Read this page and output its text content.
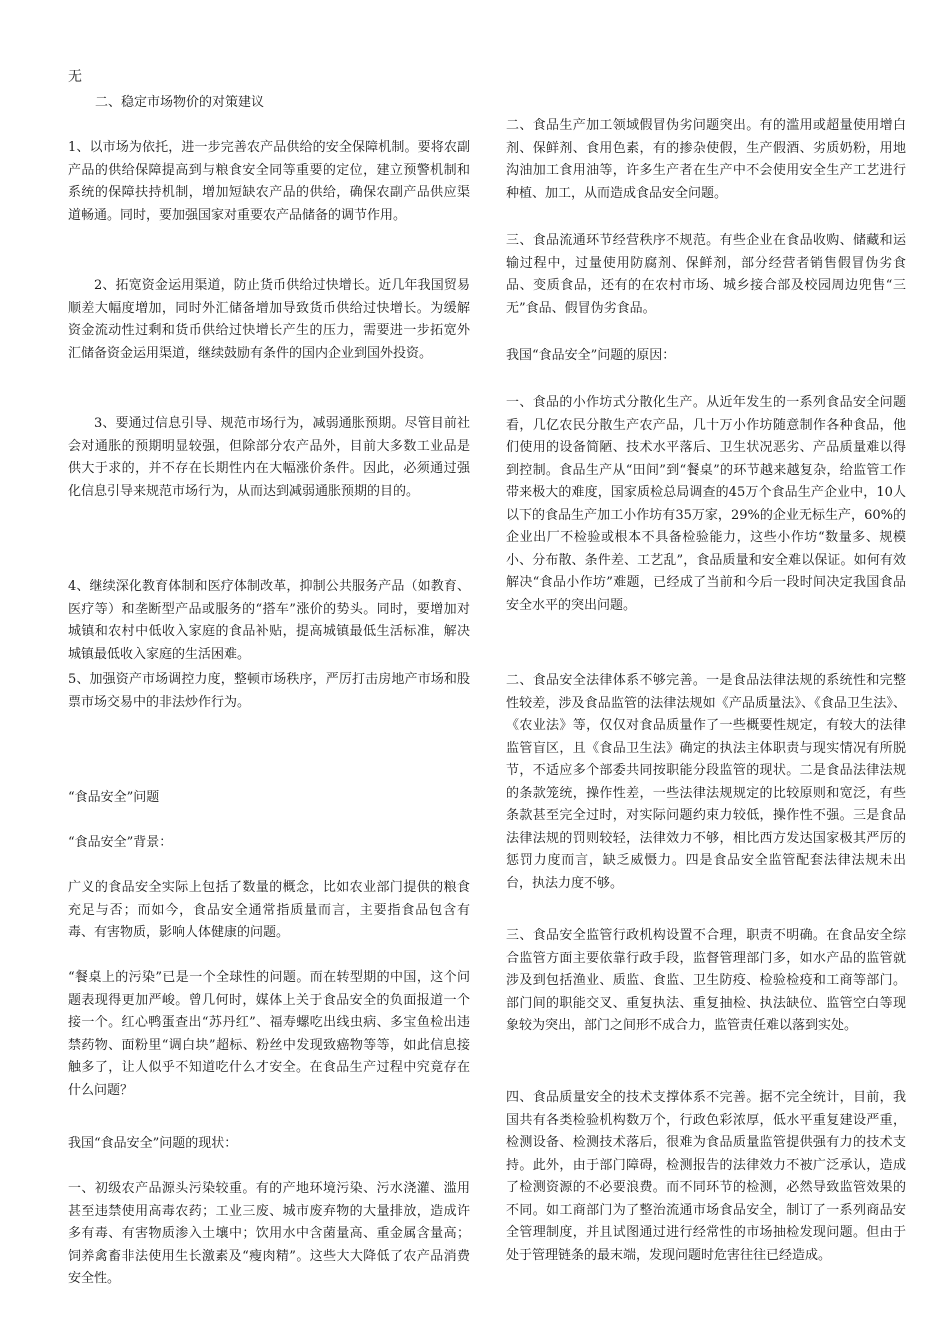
无

二、稳定市场物价的对策建议

1、以市场为依托，进一步完善农产品供给的安全保障机制。要将农副产品的供给保障提高到与粮食安全同等重要的定位，建立预警机制和系统的保障扶持机制，增加短缺农产品的供给，确保农副产品供应渠道畅通。同时，要加强国家对重要农产品储备的调节作用。

2、拓宽资金运用渠道，防止货币供给过快增长。近几年我国贸易顺差大幅度增加，同时外汇储备增加导致货币供给过快增长。为缓解资金流动性过剩和货币供给过快增长产生的压力，需要进一步拓宽外汇储备资金运用渠道，继续鼓励有条件的国内企业到国外投资。

3、要通过信息引导、规范市场行为，减弱通胀预期。尽管目前社会对通胀的预期明显较强，但除部分农产品外，目前大多数工业品是供大于求的，并不存在长期性内在大幅涨价条件。因此，必须通过强化信息引导来规范市场行为，从而达到减弱通胀预期的目的。

4、继续深化教育体制和医疗体制改革，抑制公共服务产品（如教育、医疗等）和垄断型产品或服务的“搭车”涨价的势头。同时，要增加对城镇和农村中低收入家庭的食品补贴，提高城镇最低生活标准，解决城镇最低收入家庭的生活困难。

5、加强资产市场调控力度，整顿市场秩序，严厉打击房地产市场和股票市场交易中的非法炒作行为。

“食品安全”问题

“食品安全”背景：

广义的食品安全实际上包括了数量的概念，比如农业部门提供的粮食充足与否；而如今，食品安全通常指质量而言，主要指食品包含有毒、有害物质，影响人体健康的问题。

“餐桌上的污染”已是一个全球性的问题。而在转型期的中国，这个问题表现得更加严峻。曾几何时，媒体上关于食品安全的负面报道一个接一个。红心鸭蛋查出“苏丹红”、福寿螺吃出线虫病、多宝鱼检出违禁药物、面粉里“调白块”超标、粉丝中发现致癌物等等，如此信息接触多了，让人似乎不知道吃什么才安全。在食品生产过程中究竟存在什么问题？

我国“食品安全”问题的现状：

一、初级农产品源头污染较重。有的产地环境污染、污水浇灌、滥用甚至违禁使用高毒农药；工业三废、城市废弃物的大量排放，造成许多有毒、有害物质渗入土壤中；饮用水中含菌量高、重金属含量高；饲养禽畜非法使用生长激素及“瘦肉精”。这些大大降低了农产品消费安全性。

二、食品生产加工领域假冒伪劣问题突出。有的滥用或超量使用增白剂、保鲜剂、食用色素，有的掺杂使假，生产假酒、劣质奶粉，用地沟油加工食用油等，许多生产者在生产中不会使用安全生产工艺进行种植、加工，从而造成食品安全问题。

三、食品流通环节经营秩序不规范。有些企业在食品收购、储藏和运输过程中，过量使用防腐剂、保鲜剂，部分经营者销售假冒伪劣食品、变质食品，还有的在农村市场、城乡接合部及校园周边兜售“三无”食品、假冒伪劣食品。

我国“食品安全”问题的原因：

一、食品的小作坊式分散化生产。从近年发生的一系列食品安全问题看，几亿农民分散生产农产品，几十万小作坊随意制作各种食品，他们使用的设备简陋、技术水平落后、卫生状况恶劣、产品质量难以得到控制。食品生产从“田间”到“餐桌”的环节越来越复杂，给监管工作带来极大的难度，国家质检总局调查的45万个食品生产企业中，10人以下的食品生产加工小作坊有35万家，29%的企业无标生产，60%的企业出厂不检验或根本不具备检验能力，这些小作坊“数量多、规模小、分布散、条件差、工艺乱”，食品质量和安全难以保证。如何有效解决“食品小作坊”难题，已经成了当前和今后一段时间决定我国食品安全水平的突出问题。

二、食品安全法律体系不够完善。一是食品法律法规的系统性和完整性较差，涉及食品监管的法律法规如《产品质量法》、《食品卫生法》、《农业法》等，仅仅对食品质量作了一些概要性规定，有较大的法律监管盲区，且《食品卫生法》确定的执法主体职责与现实情况有所脱节，不适应多个部委共同按职能分段监管的现状。二是食品法律法规的条款笼统，操作性差，一些法律法规规定的比较原则和宽泛，有些条款甚至完全过时，对实际问题约束力较低，操作性不强。三是食品法律法规的罚则较轻，法律效力不够，相比西方发达国家极其严厉的惩罚力度而言，缺乏威慑力。四是食品安全监管配套法律法规未出台，执法力度不够。

三、食品安全监管行政机构设置不合理，职责不明确。在食品安全综合监管方面主要依靠行政手段，监督管理部门多，如水产品的监管就涉及到包括渔业、质监、食监、卫生防疫、检验检疫和工商等部门。部门间的职能交叉、重复执法、重复抽检、执法缺位、监管空白等现象较为突出，部门之间形不成合力，监管责任难以落到实处。

四、食品质量安全的技术支撑体系不完善。据不完全统计，目前，我国共有各类检验机构数万个，行政色彩浓厚，低水平重复建设严重，检测设备、检测技术落后，很难为食品质量监管提供强有力的技术支持。此外，由于部门障碍，检测报告的法律效力不被广泛承认，造成了检测资源的不必要浪费。而不同环节的检测，必然导致监管效果的不同。如工商部门为了整治流通市场食品安全，制订了一系列商品安全管理制度，并且试图通过进行经常性的市场抽检发现问题。但由于处于管理链条的最末端，发现问题时危害往往已经造成。
